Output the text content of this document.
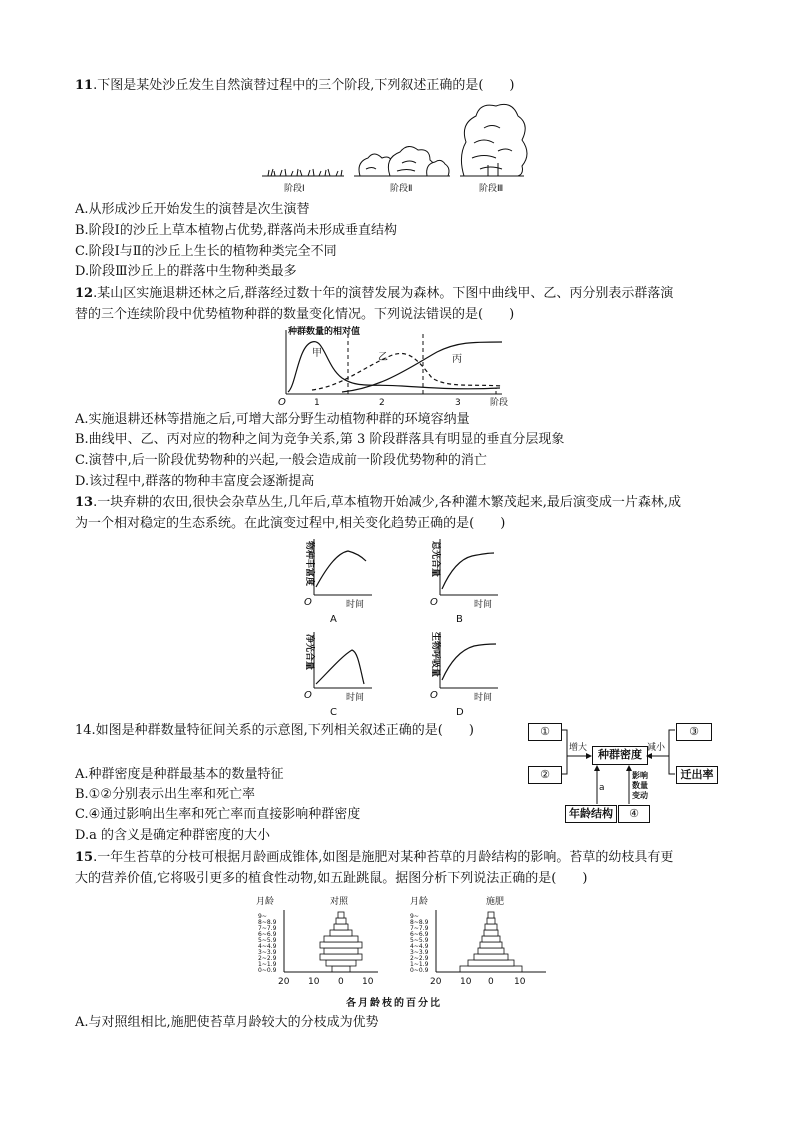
11.下图是某处沙丘发生自然演替过程中的三个阶段,下列叙述正确的是(　　)
阶段Ⅰ	阶段Ⅱ	阶段Ⅲ
A.从形成沙丘开始发生的演替是次生演替
B.阶段Ⅰ的沙丘上草本植物占优势,群落尚未形成垂直结构
C.阶段Ⅰ与Ⅱ的沙丘上生长的植物种类完全不同
D.阶段Ⅲ沙丘上的群落中生物种类最多
12.某山区实施退耕还林之后,群落经过数十年的演替发展为森林。下图中曲线甲、乙、丙分别表示群落演
替的三个连续阶段中优势植物种群的数量变化情况。下列说法错误的是(　　)
种群数量的相对值
O	1	2	3	阶段
甲	乙	丙
A.实施退耕还林等措施之后,可增大部分野生动植物种群的环境容纳量
B.曲线甲、乙、丙对应的物种之间为竞争关系,第 3 阶段群落具有明显的垂直分层现象
C.演替中,后一阶段优势物种的兴起,一般会造成前一阶段优势物种的消亡
D.该过程中,群落的物种丰富度会逐渐提高
13.一块弃耕的农田,很快会杂草丛生,几年后,草本植物开始减少,各种灌木繁茂起来,最后演变成一片森林,成
为一个相对稳定的生态系统。在此演变过程中,相关变化趋势正确的是(　　)
物种丰富度
O	时间
A
总光合量
O	时间
B
净光合量
O	时间
C
生物呼吸量
O	时间
D
14.如图是种群数量特征间关系的示意图,下列相关叙述正确的是(　　)
A.种群密度是种群最基本的数量特征
B.①②分别表示出生率和死亡率
C.④通过影响出生率和死亡率而直接影响种群密度
D.a 的含义是确定种群密度的大小
增大	减小
a
影响 数量 变动
①
②
种群密度
③
迁出率
年龄结构	④
15.一年生苔草的分枝可根据月龄画成锥体,如图是施肥对某种苔草的月龄结构的影响。苔草的幼枝具有更
大的营养价值,它将吸引更多的植食性动物,如五趾跳鼠。据图分析下列说法正确的是(　　)
月龄	月龄
对照	施肥
0~0.9
1~1.9
2~2.9
3~3.9
4~4.9
5~5.9
6~6.9
7~7.9
8~8.9
9~
20 10 0 10
0~0.9
1~1.9
2~2.9
3~3.9
4~4.9
5~5.9
6~6.9
7~7.9
8~8.9
9~
20 10 0 10
各月龄枝的百分比
A.与对照组相比,施肥使苔草月龄较大的分枝成为优势
